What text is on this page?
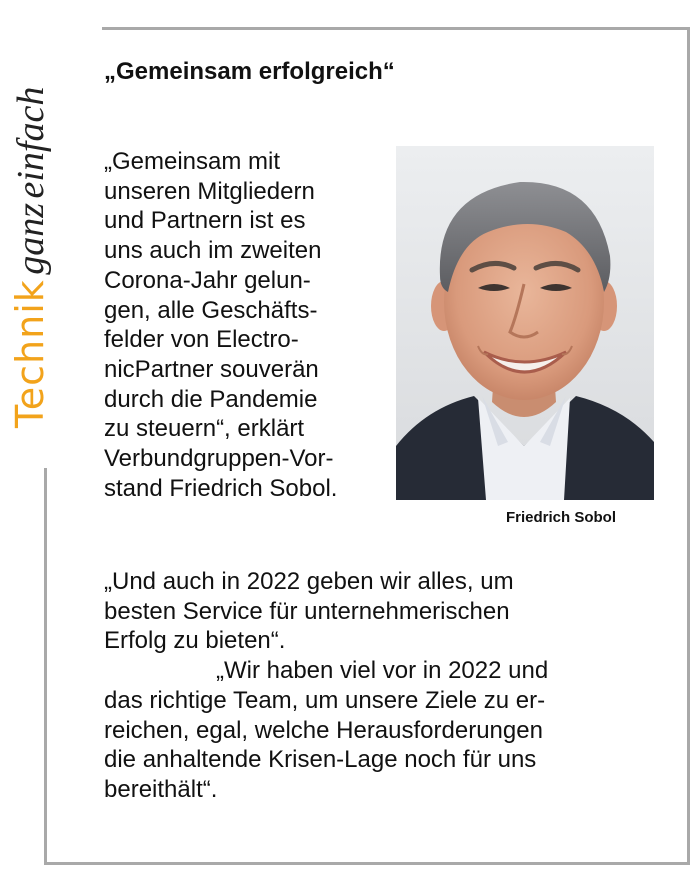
Technik ganz einfach
„Gemeinsam erfolgreich“
„Gemeinsam mit
unseren Mitgliedern
und Partnern ist es
uns auch im zweiten
Corona-Jahr gelun-
gen, alle Geschäfts-
felder von Electro-
nicPartner souverän
durch die Pandemie
zu steuern“, erklärt
Verbundgruppen-Vor-
stand Friedrich Sobol.
Friedrich Sobol
„Und auch in 2022 geben wir alles, um
besten Service für unternehmerischen
Erfolg zu bieten“.
„Wir haben viel vor in 2022 und
das richtige Team, um unsere Ziele zu er-
reichen, egal, welche Herausforderungen
die anhaltende Krisen-Lage noch für uns
bereithält“.
